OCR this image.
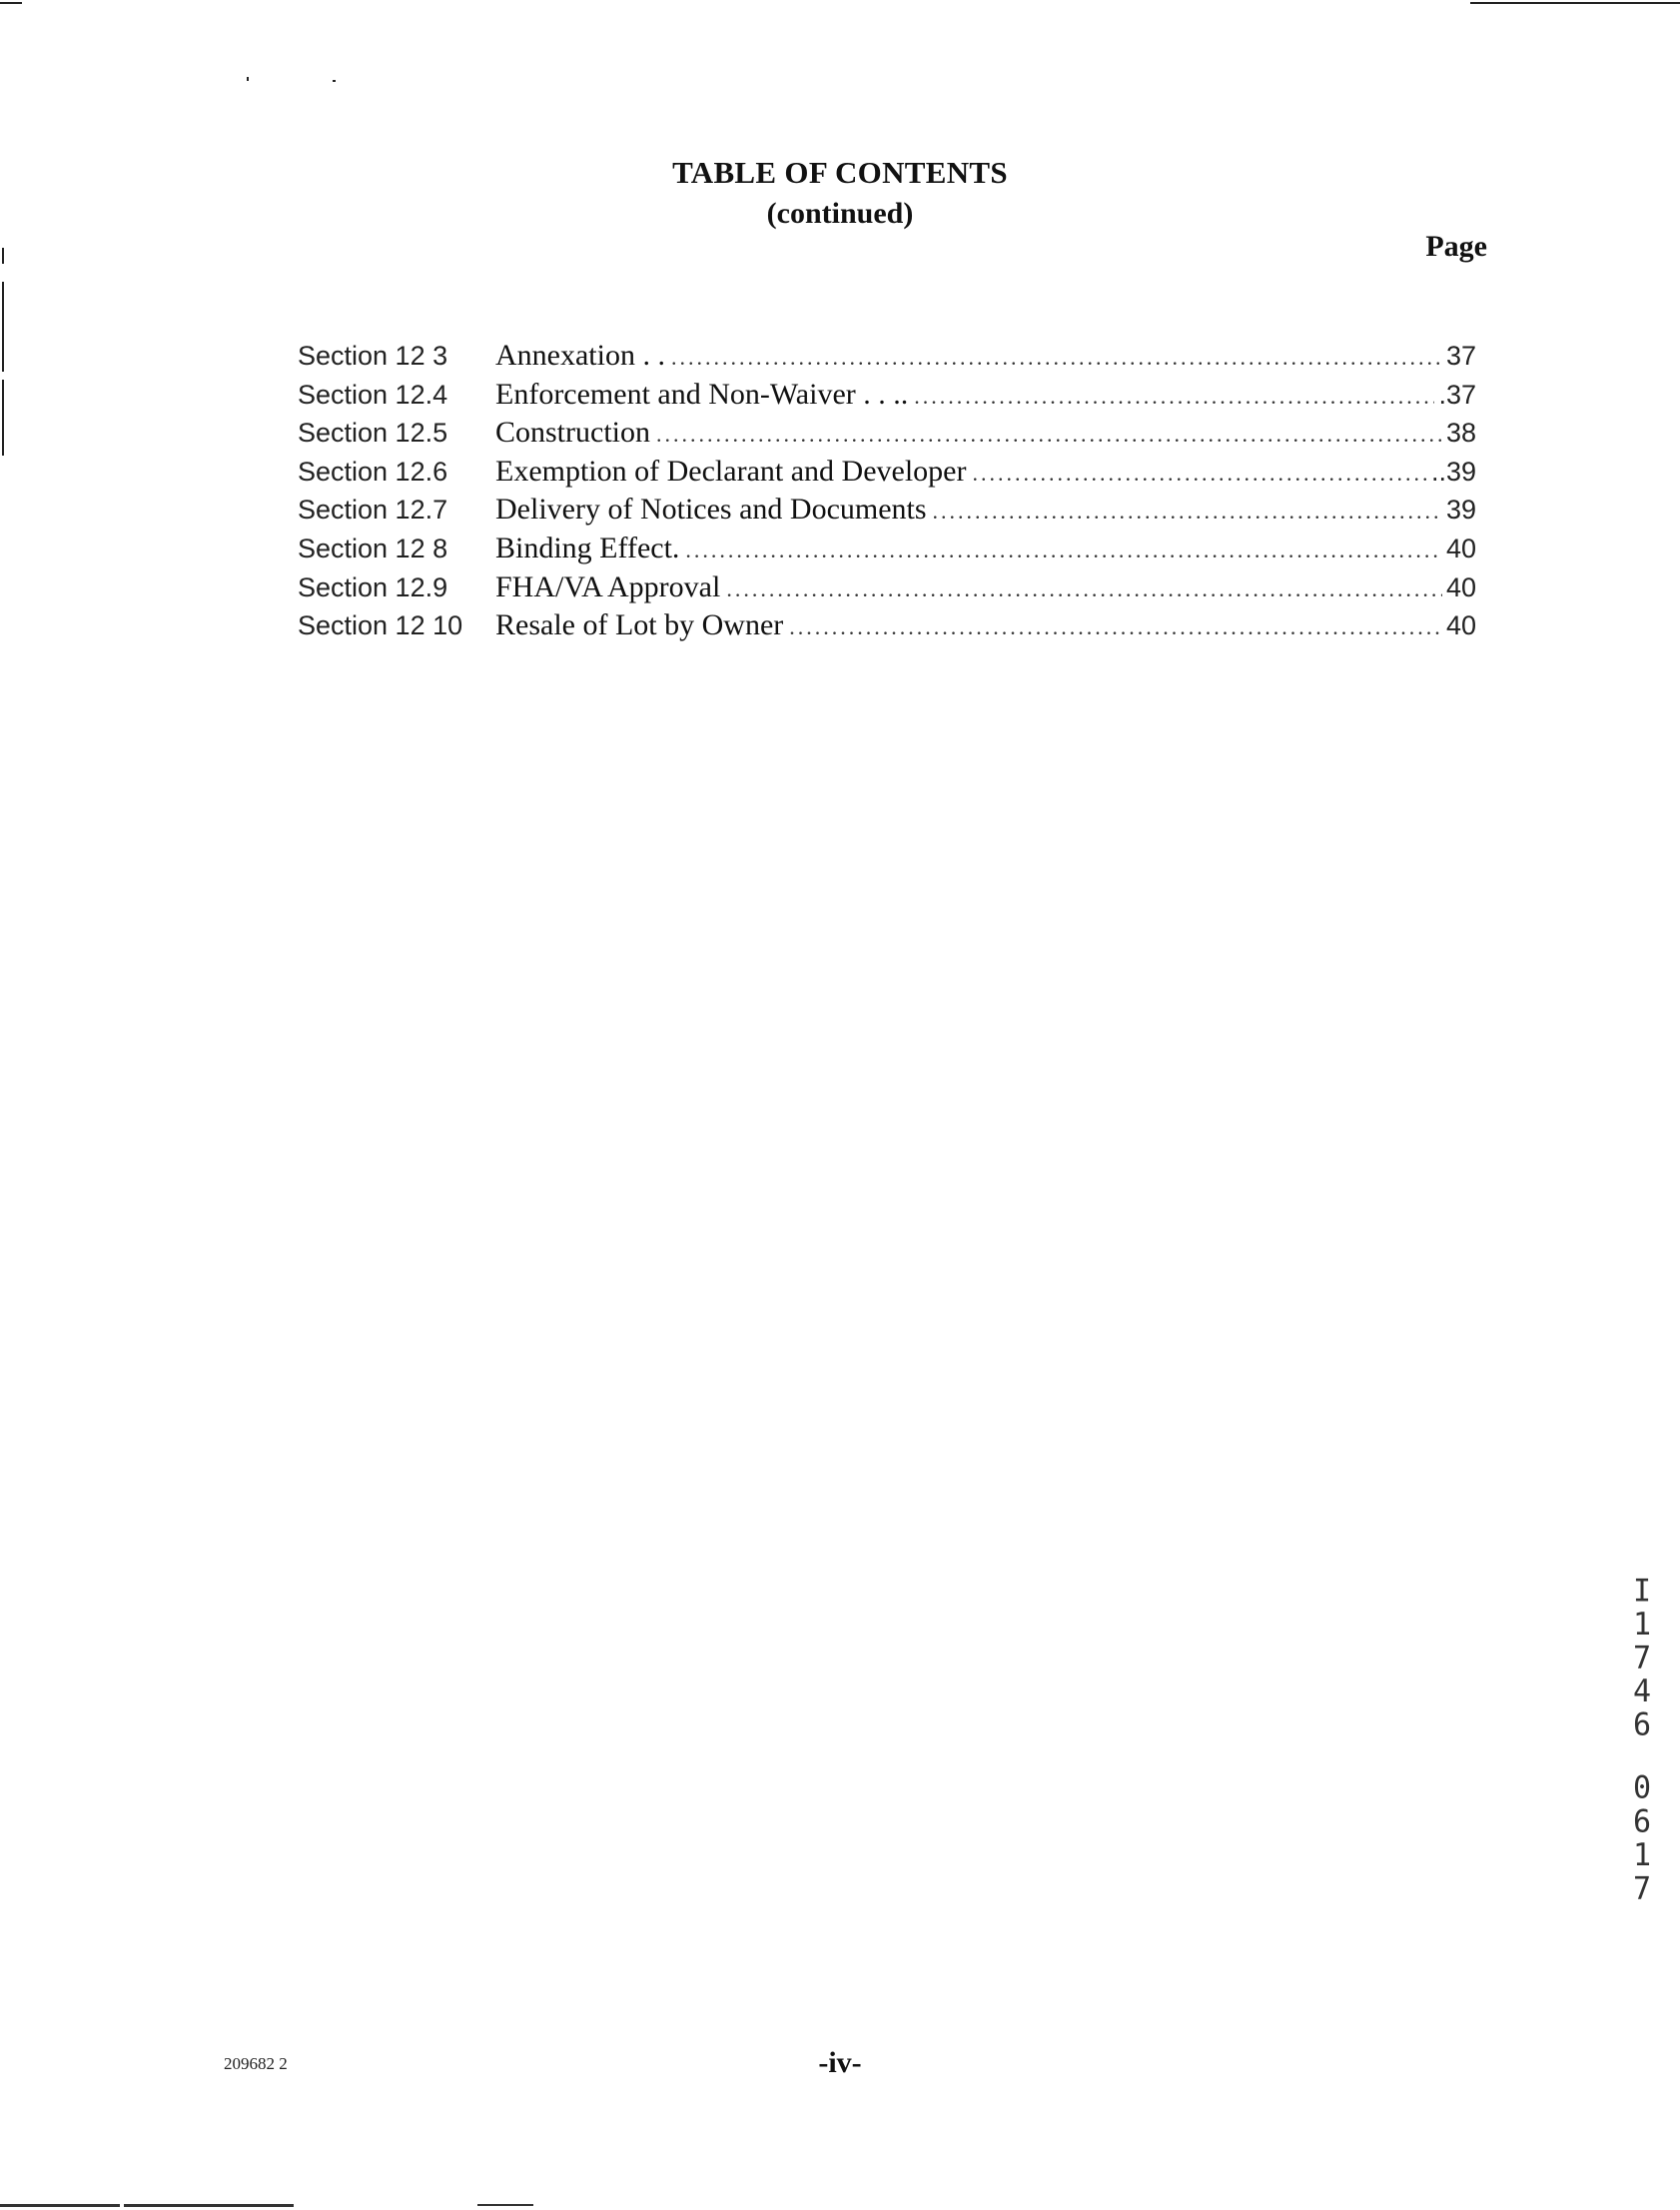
TABLE OF CONTENTS
(continued)
Page
Section 12 3	Annexation . . .....	37
Section 12.4	Enforcement and Non-Waiver . . .. .....	.37
Section 12.5	Construction .....	38
Section 12.6	Exemption of Declarant and Developer .....	..39
Section 12.7	Delivery of Notices and Documents .....	39
Section 12 8	Binding Effect. .....	40
Section 12.9	FHA/VA Approval .....	40
Section 12 10	Resale of Lot by Owner .....	40
I
1
7
4
6
0
6
1
7
209682 2	-iv-
